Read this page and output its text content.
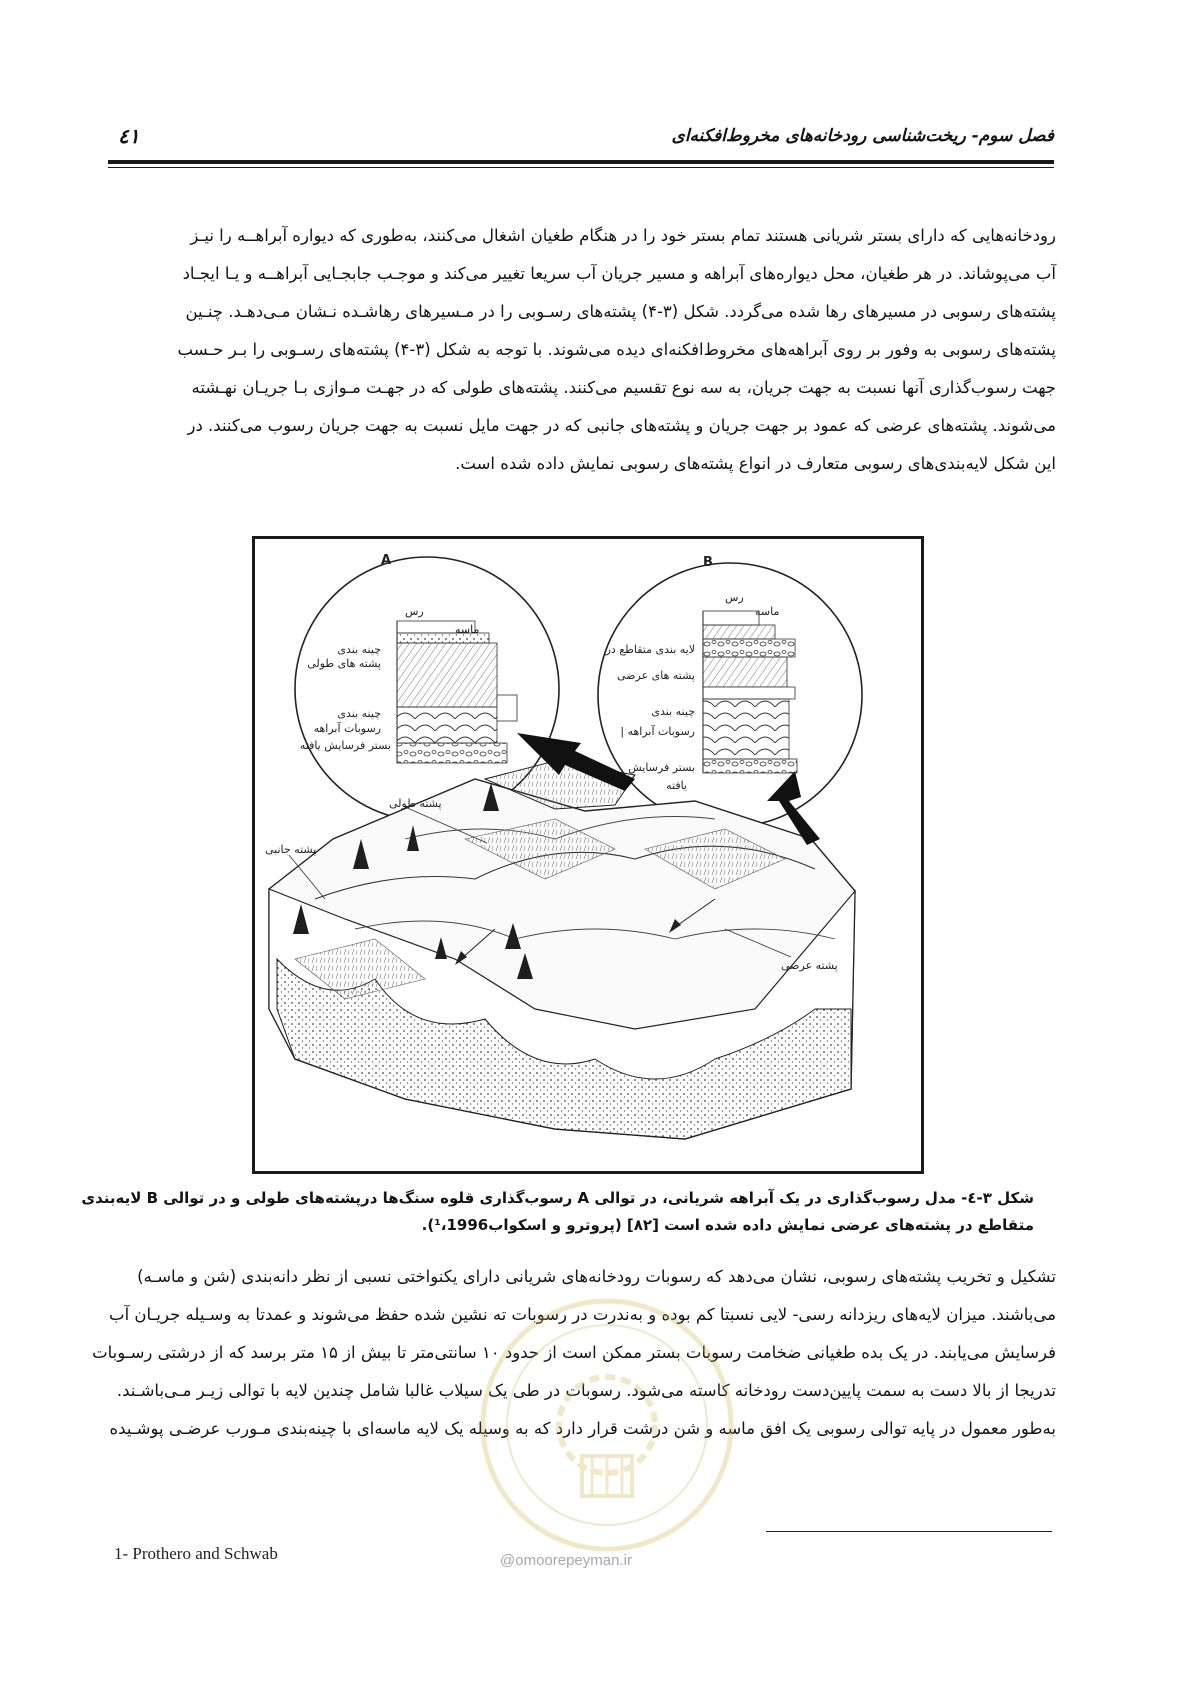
فصل سوم- ریخت‌شناسی رودخانه‌های مخروط‌افکنه‌ای
٤١
رودخانه‌هایی که دارای بستر شریانی هستند تمام بستر خود را در هنگام طغیان اشغال می‌کنند، به‌طوری که دیواره آبراهــه را نیـز
آب می‌پوشاند. در هر طغیان، محل دیواره‌های آبراهه و مسیر جریان آب سریعا تغییر می‌کند و موجـب جابجـایی آبراهــه و یـا ایجـاد
پشته‌های رسوبی در مسیرهای رها شده می‌گردد. شکل (۳-۴) پشته‌های رسـوبی را در مـسیرهای رهاشـده نـشان مـی‌دهـد. چنـین
پشته‌های رسوبی به وفور بر روی آبراهه‌های مخروط‌افکنه‌ای دیده می‌شوند. با توجه به شکل (۳-۴) پشته‌های رسـوبی را بـر حـسب
جهت رسوب‌گذاری آنها نسبت به جهت جریان، به سه نوع تقسیم می‌کنند. پشته‌های طولی که در جهـت مـوازی بـا جریـان نهـشته
می‌شوند. پشته‌های عرضی که عمود بر جهت جریان و پشته‌های جانبی که در جهت مایل نسبت به جهت جریان رسوب می‌کنند. در
این شکل لایه‌بندی‌های رسوبی متعارف در انواع پشته‌های رسوبی نمایش داده شده است.
A	B
رس
ماسه
چینه بندی
پشته های طولی
چینه بندی
رسوبات آبراهه
بستر فرسایش یافته
رس
ماسه
لایه بندی متقاطع در
پشته های عرضی
چینه بندی
رسوبات آبراهه |
بستر فرسایش
یافته
پشته طولی
پشته جانبی
پشته عرضی
شکل ۳-٤- مدل رسوب‌گذاری در یک آبراهه شریانی، در توالی A رسوب‌گذاری قلوه سنگ‌ها درپشته‌های طولی و در توالی B لایه‌بندی
متقاطع در پشته‌های عرضی نمایش داده شده است [۸۲] (پروترو و اسکواب¹،1996).
تشکیل و تخریب پشته‌های رسوبی، نشان می‌دهد که رسوبات رودخانه‌های شریانی دارای یکنواختی نسبی از نظر دانه‌بندی (شن و ماسـه)
می‌باشند. میزان لایه‌های ریزدانه رسی- لایی نسبتا کم بوده و به‌ندرت در رسوبات ته نشین شده حفظ می‌شوند و عمدتا به وسـیله جریـان آب
فرسایش می‌یابند. در یک بده طغیانی ضخامت رسوبات بستر ممکن است از حدود ۱۰ سانتی‌متر تا بیش از ۱۵ متر برسد که از درشتی رسـوبات
تدریجا از بالا دست به سمت پایین‌دست رودخانه کاسته می‌شود. رسوبات در طی یک سیلاب غالبا شامل چندین لایه با توالی زیـر مـی‌باشـند.
به‌طور معمول در پایه توالی رسوبی یک افق ماسه و شن درشت قرار دارد که به وسیله یک لایه ماسه‌ای با چینه‌بندی مـورب عرضـی پوشـیده
@omoorepeyman.ir
1- Prothero and Schwab
